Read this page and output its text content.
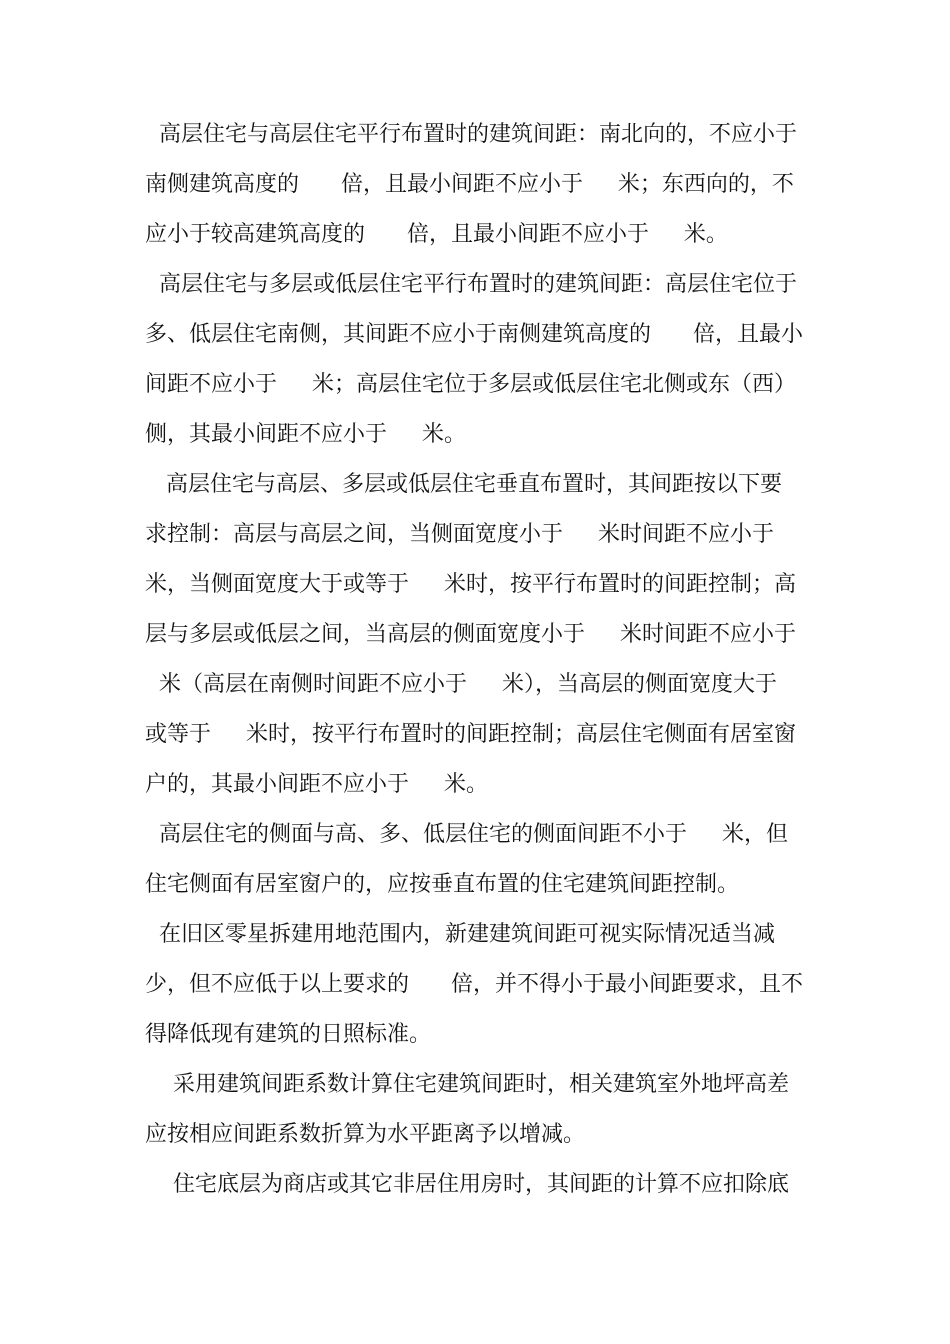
高层住宅与高层住宅平行布置时的建筑间距：南北向的，不应小于
南侧建筑高度的      倍，且最小间距不应小于     米；东西向的，不
应小于较高建筑高度的      倍，且最小间距不应小于     米。
高层住宅与多层或低层住宅平行布置时的建筑间距：高层住宅位于
多、低层住宅南侧，其间距不应小于南侧建筑高度的      倍，且最小
间距不应小于     米；高层住宅位于多层或低层住宅北侧或东（西）
侧，其最小间距不应小于     米。
高层住宅与高层、多层或低层住宅垂直布置时，其间距按以下要
求控制：高层与高层之间，当侧面宽度小于     米时间距不应小于
米，当侧面宽度大于或等于     米时，按平行布置时的间距控制；高
层与多层或低层之间，当高层的侧面宽度小于     米时间距不应小于
米（高层在南侧时间距不应小于     米），当高层的侧面宽度大于
或等于     米时，按平行布置时的间距控制；高层住宅侧面有居室窗
户的，其最小间距不应小于     米。
高层住宅的侧面与高、多、低层住宅的侧面间距不小于     米，但
住宅侧面有居室窗户的，应按垂直布置的住宅建筑间距控制。
在旧区零星拆建用地范围内，新建建筑间距可视实际情况适当减
少，但不应低于以上要求的      倍，并不得小于最小间距要求，且不
得降低现有建筑的日照标准。
采用建筑间距系数计算住宅建筑间距时，相关建筑室外地坪高差
应按相应间距系数折算为水平距离予以增减。
住宅底层为商店或其它非居住用房时，其间距的计算不应扣除底
